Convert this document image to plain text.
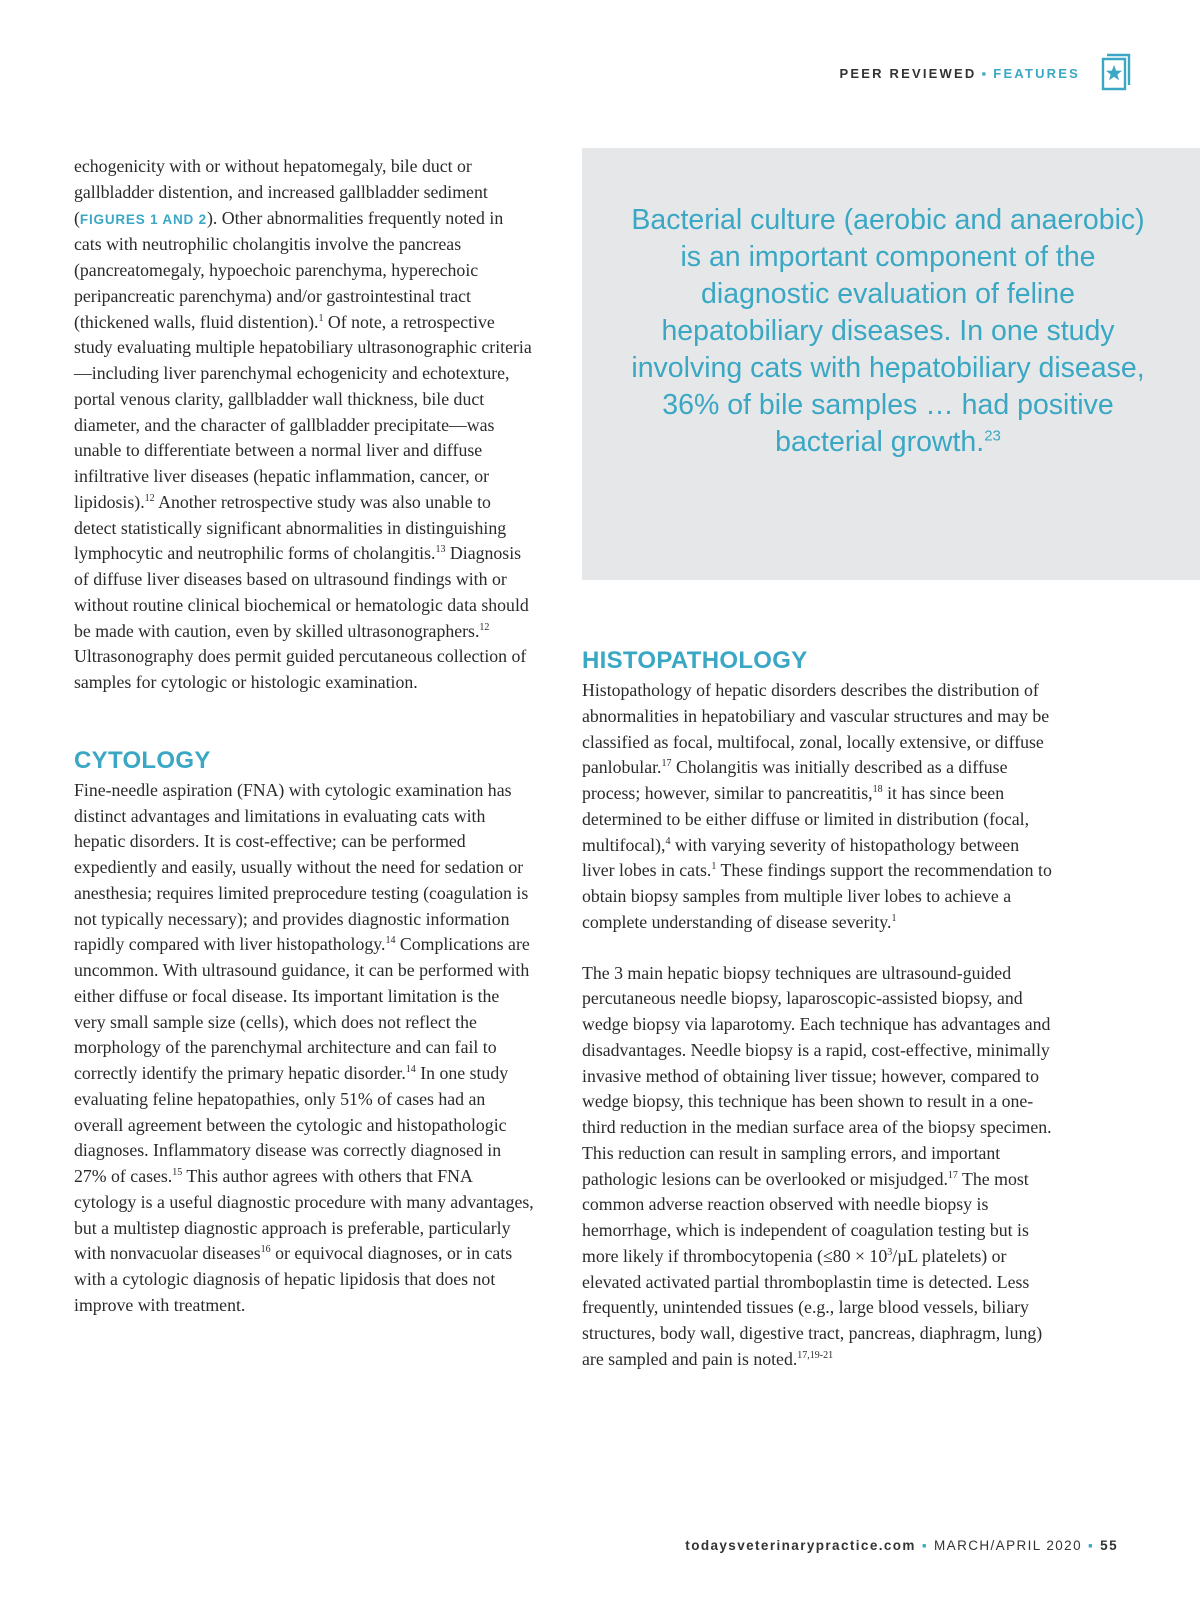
PEER REVIEWED ▪ FEATURES

echogenicity with or without hepatomegaly, bile duct or gallbladder distention, and increased gallbladder sediment (FIGURES 1 AND 2). Other abnormalities frequently noted in cats with neutrophilic cholangitis involve the pancreas (pancreatomegaly, hypoechoic parenchyma, hyperechoic peripancreatic parenchyma) and/or gastrointestinal tract (thickened walls, fluid distention).$^1$ Of note, a retrospective study evaluating multiple hepatobiliary ultrasonographic criteria—including liver parenchymal echogenicity and echotexture, portal venous clarity, gallbladder wall thickness, bile duct diameter, and the character of gallbladder precipitate—was unable to differentiate between a normal liver and diffuse infiltrative liver diseases (hepatic inflammation, cancer, or lipidosis).$^{12}$ Another retrospective study was also unable to detect statistically significant abnormalities in distinguishing lymphocytic and neutrophilic forms of cholangitis.$^{13}$ Diagnosis of diffuse liver diseases based on ultrasound findings with or without routine clinical biochemical or hematologic data should be made with caution, even by skilled ultrasonographers.$^{12}$ Ultrasonography does permit guided percutaneous collection of samples for cytologic or histologic examination.

CYTOLOGY

Fine-needle aspiration (FNA) with cytologic examination has distinct advantages and limitations in evaluating cats with hepatic disorders. It is cost-effective; can be performed expediently and easily, usually without the need for sedation or anesthesia; requires limited preprocedure testing (coagulation is not typically necessary); and provides diagnostic information rapidly compared with liver histopathology.$^{14}$ Complications are uncommon. With ultrasound guidance, it can be performed with either diffuse or focal disease. Its important limitation is the very small sample size (cells), which does not reflect the morphology of the parenchymal architecture and can fail to correctly identify the primary hepatic disorder.$^{14}$ In one study evaluating feline hepatopathies, only 51% of cases had an overall agreement between the cytologic and histopathologic diagnoses. Inflammatory disease was correctly diagnosed in 27% of cases.$^{15}$ This author agrees with others that FNA cytology is a useful diagnostic procedure with many advantages, but a multistep diagnostic approach is preferable, particularly with nonvacuolar diseases$^{16}$ or equivocal diagnoses, or in cats with a cytologic diagnosis of hepatic lipidosis that does not improve with treatment.

Bacterial culture (aerobic and anaerobic) is an important component of the diagnostic evaluation of feline hepatobiliary diseases. In one study involving cats with hepatobiliary disease, 36% of bile samples … had positive bacterial growth.$^{23}$

HISTOPATHOLOGY

Histopathology of hepatic disorders describes the distribution of abnormalities in hepatobiliary and vascular structures and may be classified as focal, multifocal, zonal, locally extensive, or diffuse panlobular.$^{17}$ Cholangitis was initially described as a diffuse process; however, similar to pancreatitis,$^{18}$ it has since been determined to be either diffuse or limited in distribution (focal, multifocal),$^4$ with varying severity of histopathology between liver lobes in cats.$^1$ These findings support the recommendation to obtain biopsy samples from multiple liver lobes to achieve a complete understanding of disease severity.$^1$

The 3 main hepatic biopsy techniques are ultrasound-guided percutaneous needle biopsy, laparoscopic-assisted biopsy, and wedge biopsy via laparotomy. Each technique has advantages and disadvantages. Needle biopsy is a rapid, cost-effective, minimally invasive method of obtaining liver tissue; however, compared to wedge biopsy, this technique has been shown to result in a one-third reduction in the median surface area of the biopsy specimen. This reduction can result in sampling errors, and important pathologic lesions can be overlooked or misjudged.$^{17}$ The most common adverse reaction observed with needle biopsy is hemorrhage, which is independent of coagulation testing but is more likely if thrombocytopenia ($\le 80 \times 10^3/\mu L$ platelets) or elevated activated partial thromboplastin time is detected. Less frequently, unintended tissues (e.g., large blood vessels, biliary structures, body wall, digestive tract, pancreas, diaphragm, lung) are sampled and pain is noted.$^{17,19-21}$

todaysveterinarypractice.com ▪ MARCH/APRIL 2020 ▪ 55
